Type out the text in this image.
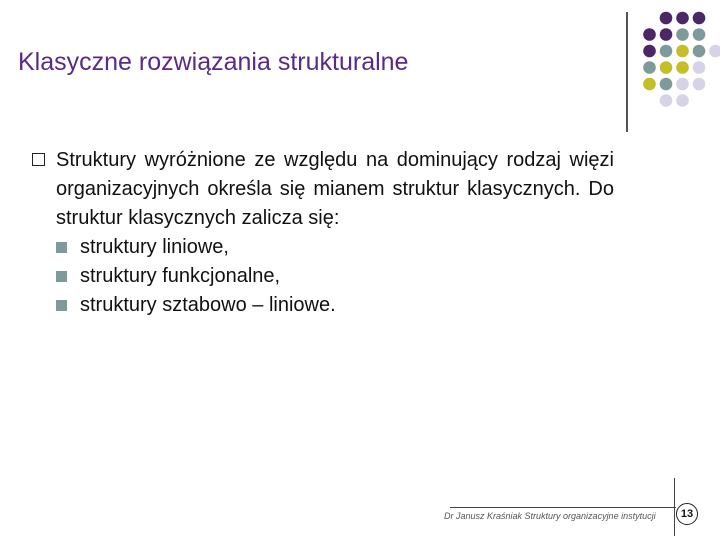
Klasyczne rozwiązania strukturalne

Struktury wyróżnione ze względu na dominujący rodzaj więzi organizacyjnych określa się mianem struktur klasycznych. Do struktur klasycznych zalicza się:

struktury liniowe,
struktury funkcjonalne,
struktury sztabowo – liniowe.
Dr Janusz Kraśniak Struktury organizacyjne instytucji	13
